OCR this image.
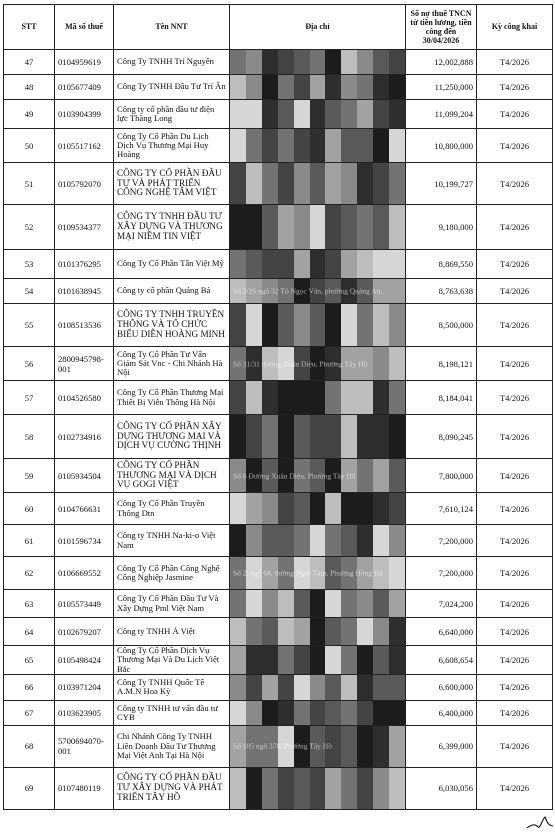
STT	Mã số thuế	Tên NNT	Địa chỉ	Số nợ thuế TNCN từ tiền lương, tiền công đến 30/04/2026	Kỳ công khai
47	0104959619	Công Ty TNHH Trí Nguyên		12,002,888	T4/2026
48	0105677409	Công Ty TNHH Đầu Tư Trí Ân		11,250,000	T4/2026
49	0103904399	Công ty cổ phần đầu tư điện lực Thăng Long		11,099,204	T4/2026
50	0105517162	Công Ty Cổ Phần Du Lịch Dịch Vụ Thương Mại Huy Hoàng		10,800,000	T4/2026
51	0105792070	CÔNG TY CỔ PHẦN ĐẦU TƯ VÀ PHÁT TRIỂN CÔNG NGHỆ TÂM VIỆT		10,199,727	T4/2026
52	0109534377	CÔNG TY TNHH ĐẦU TƯ XÂY DỰNG VÀ THƯƠNG MẠI NIỀM TIN VIỆT		9,180,000	T4/2026
53	0101376295	Công Ty Cổ Phần Tân Việt Mỹ		8,869,550	T4/2026
54	0101638945	Công ty cổ phần Quảng Bá	Số 2/26 ngõ 32 Tô Ngọc Vân, phường Quảng An,	8,763,638	T4/2026
55	0108513536	CÔNG TY TNHH TRUYỀN THÔNG VÀ TỔ CHỨC BIỂU DIỄN HOÀNG MINH		8,500,000	T4/2026
56	2800945798-001	Công Ty Cổ Phần Tư Vấn Giám Sát Vnc - Chi Nhánh Hà Nội	Số 31/31 đường Xuân Diệu, Phường Tây Hồ	8,198,121	T4/2026
57	0104526580	Công Ty Cổ Phần Thương Mại Thiết Bị Viễn Thông Hà Nội		8,184,041	T4/2026
58	0102734916	CÔNG TY CỔ PHẦN XÂY DỰNG THƯƠNG MẠI VÀ DỊCH VỤ CƯỜNG THỊNH		8,090,245	T4/2026
59	0105934504	CÔNG TY CỔ PHẦN THƯƠNG MẠI VÀ DỊCH VỤ GOGI VIỆT	Số 6 Đường Xuân Diệu, Phường Tây Hồ	7,800,000	T4/2026
60	0104766631	Công Ty Cổ Phần Truyền Thông Dtn		7,610,124	T4/2026
61	0101596734	Công ty TNHH Na-ki-o Việt Nam		7,200,000	T4/2026
62	0106669552	Công Ty Cổ Phần Công Nghệ Công Nghiệp Jasmine	Số 2, ngõ 68, đường Nghi Tàm, Phường Hồng Hà	7,200,000	T4/2026
63	0105573449	Công Ty Cổ Phần Đầu Tư Và Xây Dựng Pml Việt Nam		7,024,200	T4/2026
64	0102679207	Công ty TNHH Á Việt		6,640,000	T4/2026
65	0105498424	Công Ty Cổ Phần Dịch Vụ Thương Mại Và Du Lịch Việt Bắc		6,608,654	T4/2026
66	0103971204	Công Ty TNHH Quốc Tế A.M.N Hoa Kỳ		6,600,000	T4/2026
67	0103623905	Công ty TNHH tư vấn đầu tư CYB		6,400,000	T4/2026
68	5700694070-001	Chi Nhánh Công Ty TNHH Liên Doanh Đầu Tư Thương Mại Việt Anh Tại Hà Nội	Số 105 ngõ 378, Phường Tây Hồ	6,399,000	T4/2026
69	0107480119	CÔNG TY CỔ PHẦN ĐẦU TƯ XÂY DỰNG VÀ PHÁT TRIỂN TÂY HỒ		6,030,056	T4/2026
